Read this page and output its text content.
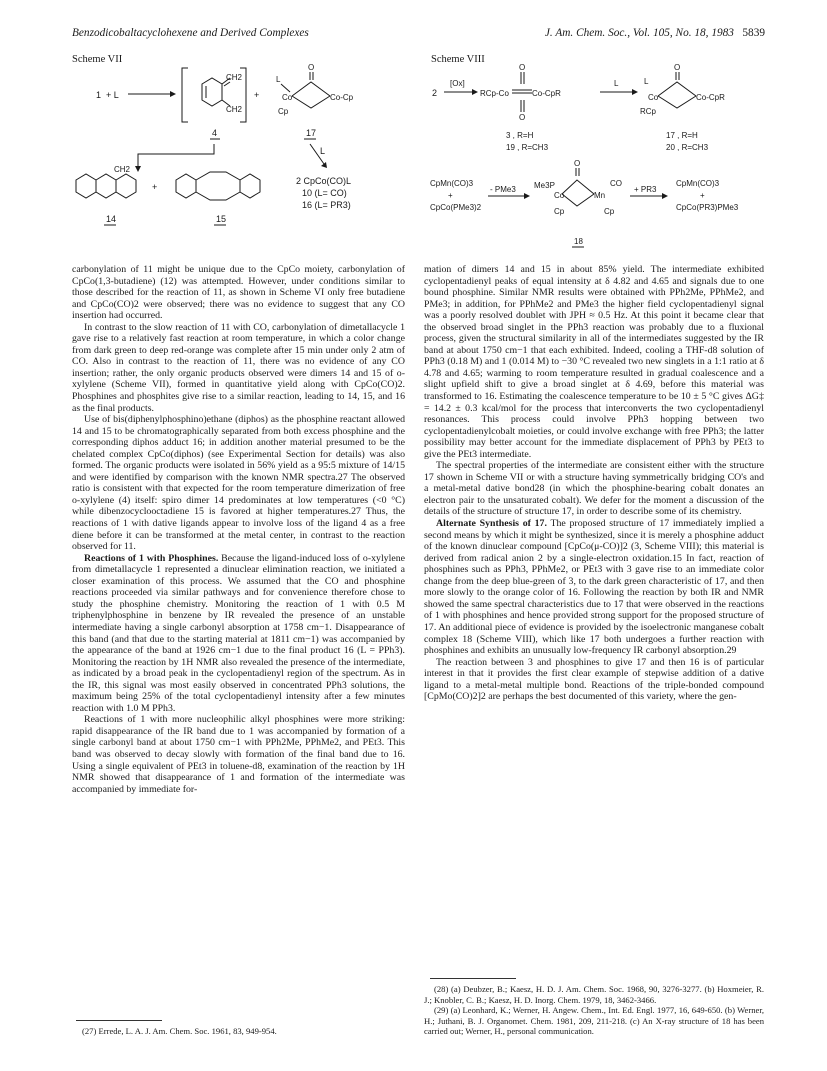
Benzodicobaltacyclohexene and Derived Complexes	J. Am. Chem. Soc., Vol. 105, No. 18, 1983 5839
Scheme VII
1 + L
CH2
CH2
+
L
O
Co	Co-Cp
Cp
4	17
L
2 CpCo(CO)L
10 (L= CO)
16 (L= PR3)
CH2
+
14	15
Scheme VIII
2
[Ox]
RCp-Co	Co-CpR
O
O
L	L
O
Co	Co-CpR
RCp
3 , R=H
19 , R=CH3
17 , R=H
20 , R=CH3
CpMn(CO)3
+
CpCo(PMe3)2
- PMe3 Me3P
O
Co	Mn
CO
Cp	Cp
+ PR3
CpMn(CO)3
+
CpCo(PR3)PMe3
18

carbonylation of 11 might be unique due to the CpCo moiety, carbonylation of CpCo(1,3-butadiene) (12) was attempted. However, under conditions similar to those described for the reaction of 11, as shown in Scheme VI only free butadiene and CpCo(CO)2 were observed; there was no evidence to suggest that any CO insertion had occurred.

In contrast to the slow reaction of 11 with CO, carbonylation of dimetallacycle 1 gave rise to a relatively fast reaction at room temperature, in which a color change from dark green to deep red-orange was complete after 15 min under only 2 atm of CO. Also in contrast to the reaction of 11, there was no evidence of any CO insertion; rather, the only organic products observed were dimers 14 and 15 of o-xylylene (Scheme VII), formed in quantitative yield along with CpCo(CO)2. Phosphines and phosphites give rise to a similar reaction, leading to 14, 15, and 16 as the final products.

Use of bis(diphenylphosphino)ethane (diphos) as the phosphine reactant allowed 14 and 15 to be chromatographically separated from both excess phosphine and the corresponding diphos adduct 16; in addition another material presumed to be the chelated complex CpCo(diphos) (see Experimental Section for details) was also formed. The organic products were isolated in 56% yield as a 95:5 mixture of 14/15 and were identified by comparison with the known NMR spectra.27 The observed ratio is consistent with that expected for the room temperature dimerization of free o-xylylene (4) itself: spiro dimer 14 predominates at low temperatures (<0 °C) while dibenzocyclooctadiene 15 is favored at higher temperatures.27 Thus, the reactions of 1 with dative ligands appear to involve loss of the ligand 4 as a free diene before it can be transformed at the metal center, in contrast to the reaction observed for 11.

Reactions of 1 with Phosphines. Because the ligand-induced loss of o-xylylene from dimetallacycle 1 represented a dinuclear elimination reaction, we initiated a closer examination of this process. We assumed that the CO and phosphine reactions proceeded via similar pathways and for convenience therefore chose to study the phosphine chemistry. Monitoring the reaction of 1 with 0.5 M triphenylphosphine in benzene by IR revealed the presence of an unstable intermediate having a single carbonyl absorption at 1758 cm−1. Disappearance of this band (and that due to the starting material at 1811 cm−1) was accompanied by the appearance of the band at 1926 cm−1 due to the final product 16 (L = PPh3). Monitoring the reaction by 1H NMR also revealed the presence of the intermediate, as indicated by a broad peak in the cyclopentadienyl region of the spectrum. As in the IR, this signal was most easily observed in concentrated PPh3 solutions, the maximum being 25% of the total cyclopentadienyl intensity after a few minutes reaction with 1.0 M PPh3.

Reactions of 1 with more nucleophilic alkyl phosphines were more striking: rapid disappearance of the IR band due to 1 was accompanied by formation of a single carbonyl band at about 1750 cm−1 with PPh2Me, PPhMe2, and PEt3. This band was observed to decay slowly with formation of the final band due to 16. Using a single equivalent of PEt3 in toluene-d8, examination of the reaction by 1H NMR showed that disappearance of 1 and formation of the intermediate was accompanied by immediate for-

(27) Errede, L. A. J. Am. Chem. Soc. 1961, 83, 949-954.

mation of dimers 14 and 15 in about 85% yield. The intermediate exhibited cyclopentadienyl peaks of equal intensity at δ 4.82 and 4.65 and signals due to one bound phosphine. Similar NMR results were obtained with PPh2Me, PPhMe2, and PMe3; in addition, for PPhMe2 and PMe3 the higher field cyclopentadienyl signal was a poorly resolved doublet with JPH ≈ 0.5 Hz. At this point it became clear that the observed broad singlet in the PPh3 reaction was probably due to a fluxional process, given the structural similarity in all of the intermediates suggested by the IR band at about 1750 cm−1 that each exhibited. Indeed, cooling a THF-d8 solution of PPh3 (0.18 M) and 1 (0.014 M) to −30 °C revealed two new singlets in a 1:1 ratio at δ 4.78 and 4.65; warming to room temperature resulted in gradual coalescence and a slight upfield shift to give a broad singlet at δ 4.69, before this material was transformed to 16. Estimating the coalescence temperature to be 10 ± 5 °C gives ΔG‡ = 14.2 ± 0.3 kcal/mol for the process that interconverts the two cyclopentadienyl resonances. This process could involve PPh3 hopping between two cyclopentadienylcobalt moieties, or could involve exchange with free PPh3; the latter possibility may better account for the immediate displacement of PPh3 by PEt3 to give the PEt3 intermediate.

The spectral properties of the intermediate are consistent either with the structure 17 shown in Scheme VII or with a structure having symmetrically bridging CO's and a metal-metal dative bond28 (in which the phosphine-bearing cobalt donates an electron pair to the unsaturated cobalt). We defer for the moment a discussion of the details of the structure of structure 17, in order to describe some of its chemistry.

Alternate Synthesis of 17. The proposed structure of 17 immediately implied a second means by which it might be synthesized, since it is merely a phosphine adduct of the known dinuclear compound [CpCo(μ-CO)]2 (3, Scheme VIII); this material is derived from radical anion 2 by a single-electron oxidation.15 In fact, reaction of phosphines such as PPh3, PPhMe2, or PEt3 with 3 gave rise to an immediate color change from the deep blue-green of 3, to the dark green characteristic of 17, and then more slowly to the orange color of 16. Following the reaction by both IR and NMR showed the same spectral characteristics due to 17 that were observed in the reactions of 1 with phosphines and hence provided strong support for the proposed structure of 17. An additional piece of evidence is provided by the isoelectronic manganese cobalt complex 18 (Scheme VIII), which like 17 both undergoes a further reaction with phosphines and exhibits an unusually low-frequency IR carbonyl absorption.29

The reaction between 3 and phosphines to give 17 and then 16 is of particular interest in that it provides the first clear example of stepwise addition of a dative ligand to a metal-metal multiple bond. Reactions of the triple-bonded compound [CpMo(CO)2]2 are perhaps the best documented of this variety, where the gen-

(28) (a) Deubzer, B.; Kaesz, H. D. J. Am. Chem. Soc. 1968, 90, 3276-3277. (b) Hoxmeier, R. J.; Knobler, C. B.; Kaesz, H. D. Inorg. Chem. 1979, 18, 3462-3466.

(29) (a) Leonhard, K.; Werner, H. Angew. Chem., Int. Ed. Engl. 1977, 16, 649-650. (b) Werner, H.; Juthani, B. J. Organomet. Chem. 1981, 209, 211-218. (c) An X-ray structure of 18 has been carried out; Werner, H., personal communication.
